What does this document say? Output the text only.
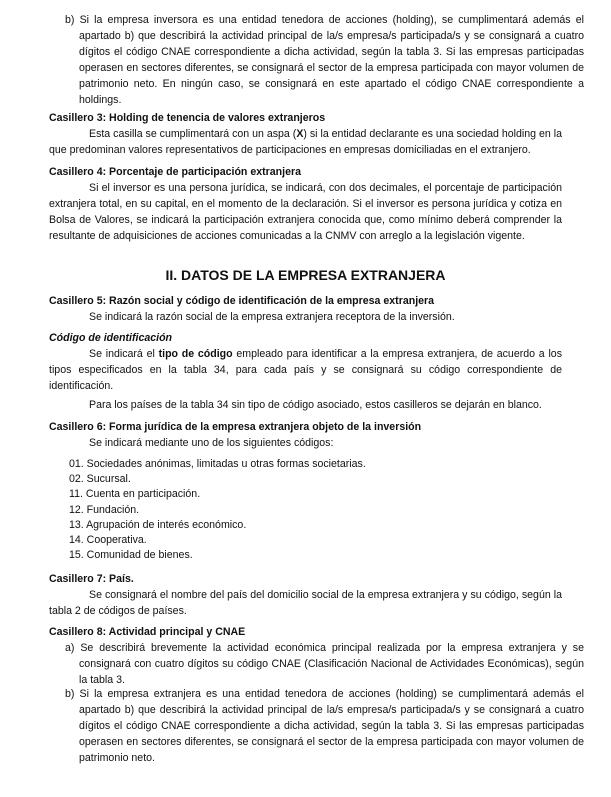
b) Si la empresa inversora es una entidad tenedora de acciones (holding), se cumplimentará además el apartado b) que describirá la actividad principal de la/s empresa/s participada/s y se consignará a cuatro dígitos el código CNAE correspondiente a dicha actividad, según la tabla 3. Si las empresas participadas operasen en sectores diferentes, se consignará el sector de la empresa participada con mayor volumen de patrimonio neto. En ningún caso, se consignará en este apartado el código CNAE correspondiente a holdings.

Casillero 3: Holding de tenencia de valores extranjeros

Esta casilla se cumplimentará con un aspa (X) si la entidad declarante es una sociedad holding en la que predominan valores representativos de participaciones en empresas domiciliadas en el extranjero.

Casillero 4: Porcentaje de participación extranjera

Si el inversor es una persona jurídica, se indicará, con dos decimales, el porcentaje de participación extranjera total, en su capital, en el momento de la declaración. Si el inversor es persona jurídica y cotiza en Bolsa de Valores, se indicará la participación extranjera conocida que, como mínimo deberá comprender la resultante de adquisiciones de acciones comunicadas a la CNMV con arreglo a la legislación vigente.

II. DATOS DE LA EMPRESA EXTRANJERA

Casillero 5: Razón social y código de identificación de la empresa extranjera

Se indicará la razón social de la empresa extranjera receptora de la inversión.

Código de identificación

Se indicará el tipo de código empleado para identificar a la empresa extranjera, de acuerdo a los tipos especificados en la tabla 34, para cada país y se consignará su código correspondiente de identificación.

Para los países de la tabla 34 sin tipo de código asociado, estos casilleros se dejarán en blanco.

Casillero 6: Forma jurídica de la empresa extranjera objeto de la inversión

Se indicará mediante uno de los siguientes códigos:

01. Sociedades anónimas, limitadas u otras formas societarias.
02. Sucursal.
11. Cuenta en participación.
12. Fundación.
13. Agrupación de interés económico.
14. Cooperativa.
15. Comunidad de bienes.

Casillero 7: País.

Se consignará el nombre del país del domicilio social de la empresa extranjera y su código, según la tabla 2 de códigos de países.

Casillero 8: Actividad principal y CNAE

a) Se describirá brevemente la actividad económica principal realizada por la empresa extranjera y se consignará con cuatro dígitos su código CNAE (Clasificación Nacional de Actividades Económicas), según la tabla 3.

b) Si la empresa extranjera es una entidad tenedora de acciones (holding) se cumplimentará además el apartado b) que describirá la actividad principal de la/s empresa/s participada/s y se consignará a cuatro dígitos el código CNAE correspondiente a dicha actividad, según la tabla 3. Si las empresas participadas operasen en sectores diferentes, se consignará el sector de la empresa participada con mayor volumen de patrimonio neto.
